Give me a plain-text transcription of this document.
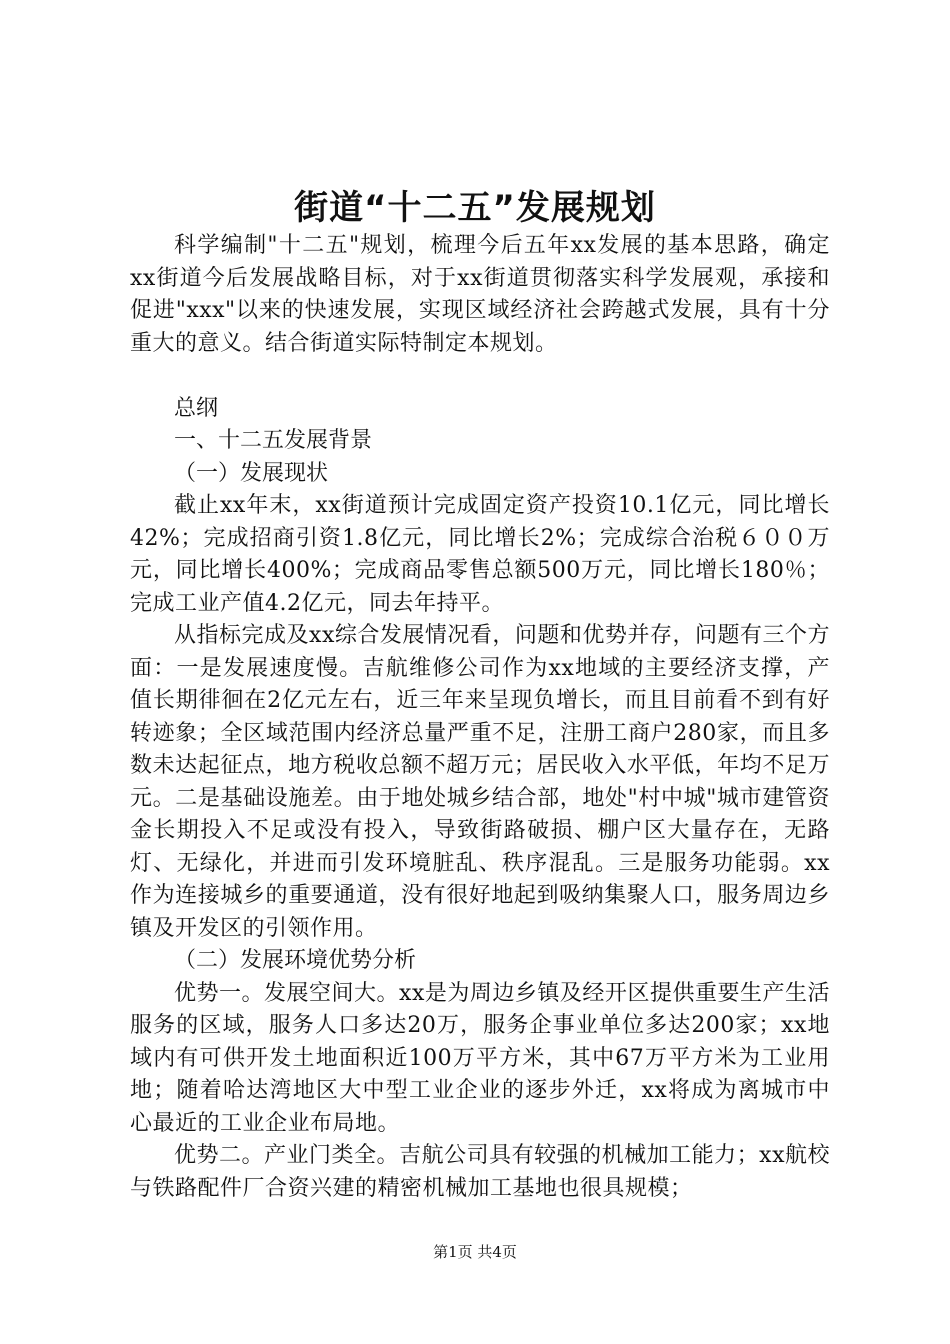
街道“十二五”发展规划

科学编制"十二五"规划，梳理今后五年xx发展的基本思路，确定xx街道今后发展战略目标，对于xx街道贯彻落实科学发展观，承接和促进"xxx"以来的快速发展，实现区域经济社会跨越式发展，具有十分重大的意义。结合街道实际特制定本规划。

总纲

一、十二五发展背景

（一）发展现状

截止xx年末，xx街道预计完成固定资产投资10.1亿元，同比增长42%；完成招商引资1.8亿元，同比增长2%；完成综合治税６００万元，同比增长400%；完成商品零售总额500万元，同比增长180％；完成工业产值4.2亿元，同去年持平。

从指标完成及xx综合发展情况看，问题和优势并存，问题有三个方面：一是发展速度慢。吉航维修公司作为xx地域的主要经济支撑，产值长期徘徊在2亿元左右，近三年来呈现负增长，而且目前看不到有好转迹象；全区域范围内经济总量严重不足，注册工商户280家，而且多数未达起征点，地方税收总额不超万元；居民收入水平低，年均不足万元。二是基础设施差。由于地处城乡结合部，地处"村中城"城市建管资金长期投入不足或没有投入，导致街路破损、棚户区大量存在，无路灯、无绿化，并进而引发环境脏乱、秩序混乱。三是服务功能弱。xx作为连接城乡的重要通道，没有很好地起到吸纳集聚人口，服务周边乡镇及开发区的引领作用。

（二）发展环境优势分析

优势一。发展空间大。xx是为周边乡镇及经开区提供重要生产生活服务的区域，服务人口多达20万，服务企事业单位多达200家；xx地域内有可供开发土地面积近100万平方米，其中67万平方米为工业用地；随着哈达湾地区大中型工业企业的逐步外迁，xx将成为离城市中心最近的工业企业布局地。

优势二。产业门类全。吉航公司具有较强的机械加工能力；xx航校与铁路配件厂合资兴建的精密机械加工基地也很具规模；

第1页 共4页
